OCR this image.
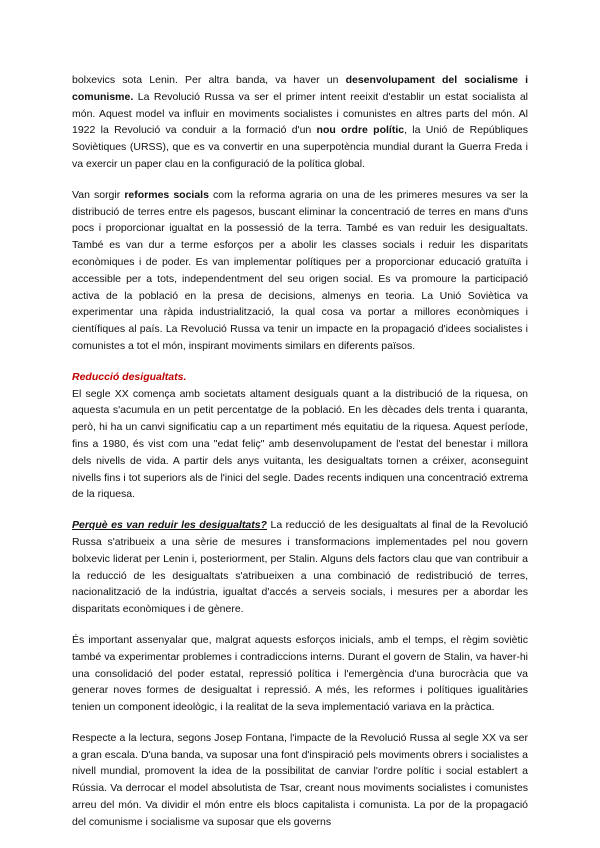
bolxevics sota Lenin. Per altra banda, va haver un desenvolupament del socialisme i comunisme. La Revolució Russa va ser el primer intent reeixit d'establir un estat socialista al món. Aquest model va influir en moviments socialistes i comunistes en altres parts del món. Al 1922 la Revolució va conduir a la formació d'un nou ordre polític, la Unió de Repúbliques Soviètiques (URSS), que es va convertir en una superpotència mundial durant la Guerra Freda i va exercir un paper clau en la configuració de la política global.

Van sorgir reformes socials com la reforma agraria on una de les primeres mesures va ser la distribució de terres entre els pagesos, buscant eliminar la concentració de terres en mans d'uns pocs i proporcionar igualtat en la possessió de la terra. També es van reduir les desigualtats. També es van dur a terme esforços per a abolir les classes socials i reduir les disparitats econòmiques i de poder. Es van implementar polítiques per a proporcionar educació gratuïta i accessible per a tots, independentment del seu origen social. Es va promoure la participació activa de la població en la presa de decisions, almenys en teoria. La Unió Soviètica va experimentar una ràpida industrialització, la qual cosa va portar a millores econòmiques i científiques al país. La Revolució Russa va tenir un impacte en la propagació d'idees socialistes i comunistes a tot el món, inspirant moviments similars en diferents països.

Reducció desigualtats.

El segle XX comença amb societats altament desiguals quant a la distribució de la riquesa, on aquesta s'acumula en un petit percentatge de la població. En les dècades dels trenta i quaranta, però, hi ha un canvi significatiu cap a un repartiment més equitatiu de la riquesa. Aquest període, fins a 1980, és vist com una "edat feliç" amb desenvolupament de l'estat del benestar i millora dels nivells de vida. A partir dels anys vuitanta, les desigualtats tornen a créixer, aconseguint nivells fins i tot superiors als de l'inici del segle. Dades recents indiquen una concentració extrema de la riquesa.

Perquè es van reduir les desigualtats? La reducció de les desigualtats al final de la Revolució Russa s'atribueix a una sèrie de mesures i transformacions implementades pel nou govern bolxevic liderat per Lenin i, posteriorment, per Stalin. Alguns dels factors clau que van contribuir a la reducció de les desigualtats s'atribueixen a una combinació de redistribució de terres, nacionalització de la indústria, igualtat d'accés a serveis socials, i mesures per a abordar les disparitats econòmiques i de gènere.

És important assenyalar que, malgrat aquests esforços inicials, amb el temps, el règim soviètic també va experimentar problemes i contradiccions interns. Durant el govern de Stalin, va haver-hi una consolidació del poder estatal, repressió política i l'emergència d'una burocràcia que va generar noves formes de desigualtat i repressió. A més, les reformes i polítiques igualitàries tenien un component ideològic, i la realitat de la seva implementació variava en la pràctica.

Respecte a la lectura, segons Josep Fontana, l'impacte de la Revolució Russa al segle XX va ser a gran escala. D'una banda, va suposar una font d'inspiració pels moviments obrers i socialistes a nivell mundial, promovent la idea de la possibilitat de canviar l'ordre polític i social establert a Rússia. Va derrocar el model absolutista de Tsar, creant nous moviments socialistes i comunistes arreu del món. Va dividir el món entre els blocs capitalista i comunista. La por de la propagació del comunisme i socialisme va suposar que els governs
